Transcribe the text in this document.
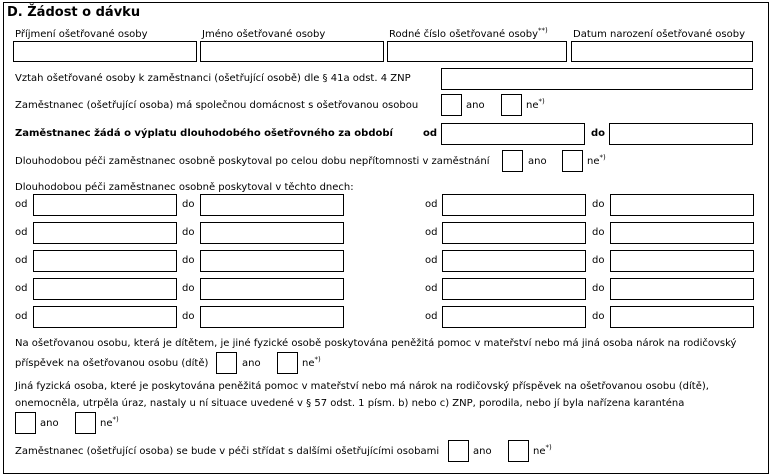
D. Žádost o dávku
Příjmení ošetřované osoby	Jméno ošetřované osoby	Rodné číslo ošetřované osoby**)	Datum narození ošetřované osoby
Vztah ošetřované osoby k zaměstnanci (ošetřující osobě) dle § 41a odst. 4 ZNP
Zaměstnanec (ošetřující osoba) má společnou domácnost s ošetřovanou osobou	ano	ne*)
Zaměstnanec žádá o výplatu dlouhodobého ošetřovného za období	od	do
Dlouhodobou péči zaměstnanec osobně poskytoval po celou dobu nepřítomnosti v zaměstnání	ano	ne*)
Dlouhodobou péči zaměstnanec osobně poskytoval v těchto dnech:
od	do	od	do
od	do	od	do
od	do	od	do
od	do	od	do
od	do	od	do
Na ošetřovanou osobu, která je dítětem, je jiné fyzické osobě poskytována peněžitá pomoc v mateřství nebo má jiná osoba nárok na rodičovský
příspěvek na ošetřovanou osobu (dítě)	ano	ne*)
Jiná fyzická osoba, které je poskytována peněžitá pomoc v mateřství nebo má nárok na rodičovský příspěvek na ošetřovanou osobu (dítě),
onemocněla, utrpěla úraz, nastaly u ní situace uvedené v § 57 odst. 1 písm. b) nebo c) ZNP, porodila, nebo jí byla nařízena karanténa
ano	ne*)
Zaměstnanec (ošetřující osoba) se bude v péči střídat s dalšími ošetřujícími osobami	ano	ne*)
